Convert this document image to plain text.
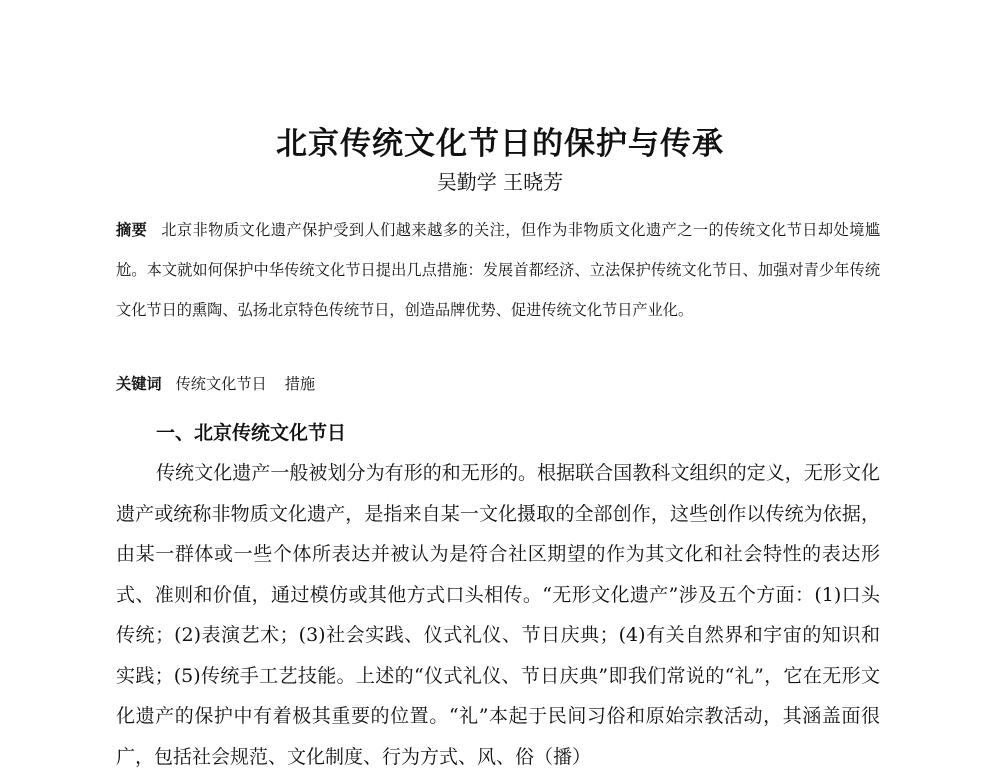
北京传统文化节日的保护与传承
吴勤学 王晓芳
摘要 北京非物质文化遗产保护受到人们越来越多的关注，但作为非物质文化遗产之一的传统文化节日却处境尴尬。本文就如何保护中华传统文化节日提出几点措施：发展首都经济、立法保护传统文化节日、加强对青少年传统文化节日的熏陶、弘扬北京特色传统节日，创造品牌优势、促进传统文化节日产业化。
关键词 传统文化节日 措施
一、北京传统文化节日
传统文化遗产一般被划分为有形的和无形的。根据联合国教科文组织的定义，无形文化遗产或统称非物质文化遗产，是指来自某一文化摄取的全部创作，这些创作以传统为依据，由某一群体或一些个体所表达并被认为是符合社区期望的作为其文化和社会特性的表达形式、准则和价值，通过模仿或其他方式口头相传。“无形文化遗产”涉及五个方面：(1)口头传统；(2)表演艺术；(3)社会实践、仪式礼仪、节日庆典；(4)有关自然界和宇宙的知识和实践；(5)传统手工艺技能。上述的“仪式礼仪、节日庆典”即我们常说的“礼”，它在无形文化遗产的保护中有着极其重要的位置。“礼”本起于民间习俗和原始宗教活动，其涵盖面很广，包括社会规范、文化制度、行为方式、风、俗（播）
